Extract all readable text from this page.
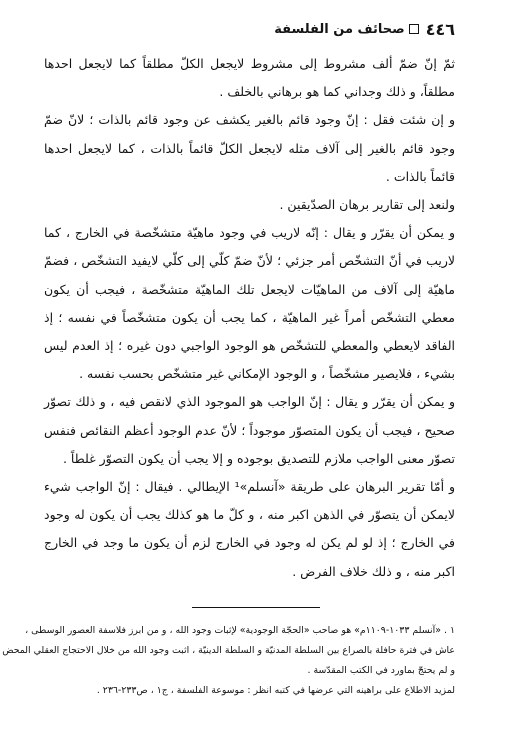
٤٤٦
صحائف من الفلسفة

ثمّ إنّ ضمّ ألف مشروط إلى مشروط لايجعل الكلّ مطلقاً كما لايجعل احدها مطلقاً، و ذلك وجداني كما هو برهاني بالخلف .

و إن شئت فقل : إنّ وجود قائم بالغير يكشف عن وجود قائم بالذات ؛ لانّ ضمّ وجود قائم بالغير إلى آلاف مثله لايجعل الكلّ قائماً بالذات ، كما لايجعل احدها قائماً بالذات .

ولنعد إلى تقارير برهان الصدّيقين .

و يمكن أن يقرّر و يقال : إنّه لاريب في وجود ماهيّة متشخّصة في الخارج ، كما لاريب في أنّ التشخّص أمر جزئي ؛ لأنّ ضمّ كلّي إلى كلّي لايفيد التشخّص ، فضمّ ماهيّة إلى آلاف من الماهيّات لايجعل تلك الماهيّة متشخّصة ، فيجب أن يكون معطي التشخّص أمراً غير الماهيّة ، كما يجب أن يكون متشخّصاً في نفسه ؛ إذ الفاقد لايعطي والمعطي للتشخّص هو الوجود الواجبي دون غيره ؛ إذ العدم ليس بشيء ، فلايصير مشخّصاً ، و الوجود الإمكاني غير متشخّص بحسب نفسه .

و يمكن أن يقرّر و يقال : إنّ الواجب هو الموجود الذي لانقص فيه ، و ذلك تصوّر صحيح ، فيجب أن يكون المتصوّر موجوداً ؛ لأنّ عدم الوجود أعظم النقائص فنفس تصوّر معنى الواجب ملازم للتصديق بوجوده و إلا يجب أن يكون التصوّر غلطاً .

و أمّا تقرير البرهان على طريقة «آنسلم»¹ الإيطالي . فيقال : إنّ الواجب شيء لايمكن أن يتصوّر في الذهن اكبر منه ، و كلّ ما هو كذلك يجب أن يكون له وجود في الخارج ؛ إذ لو لم يكن له وجود في الخارج لزم أن يكون ما وجد في الخارج اكبر منه ، و ذلك خلاف الفرض .

١ . «آنسلم ١٠٣٣-١١٠٩م» هو صاحب «الحجّة الوجودية» لإثبات وجود الله ، و من ابرز فلاسفة العصور الوسطى ،

عاش في فترة حافلة بالصراع بين السلطة المدنيّة و السلطة الدينيّة ، اثبت وجود الله من خلال الاحتجاج العقلي المحض

و لم يحتجّ بماورد في الكتب المقدّسة .

لمزيد الاطلاع على براهينه التي عرضها في كتبه انظر : موسوعة الفلسفة ، ج١ ، ص٢٣٣-٢٣٦ .
